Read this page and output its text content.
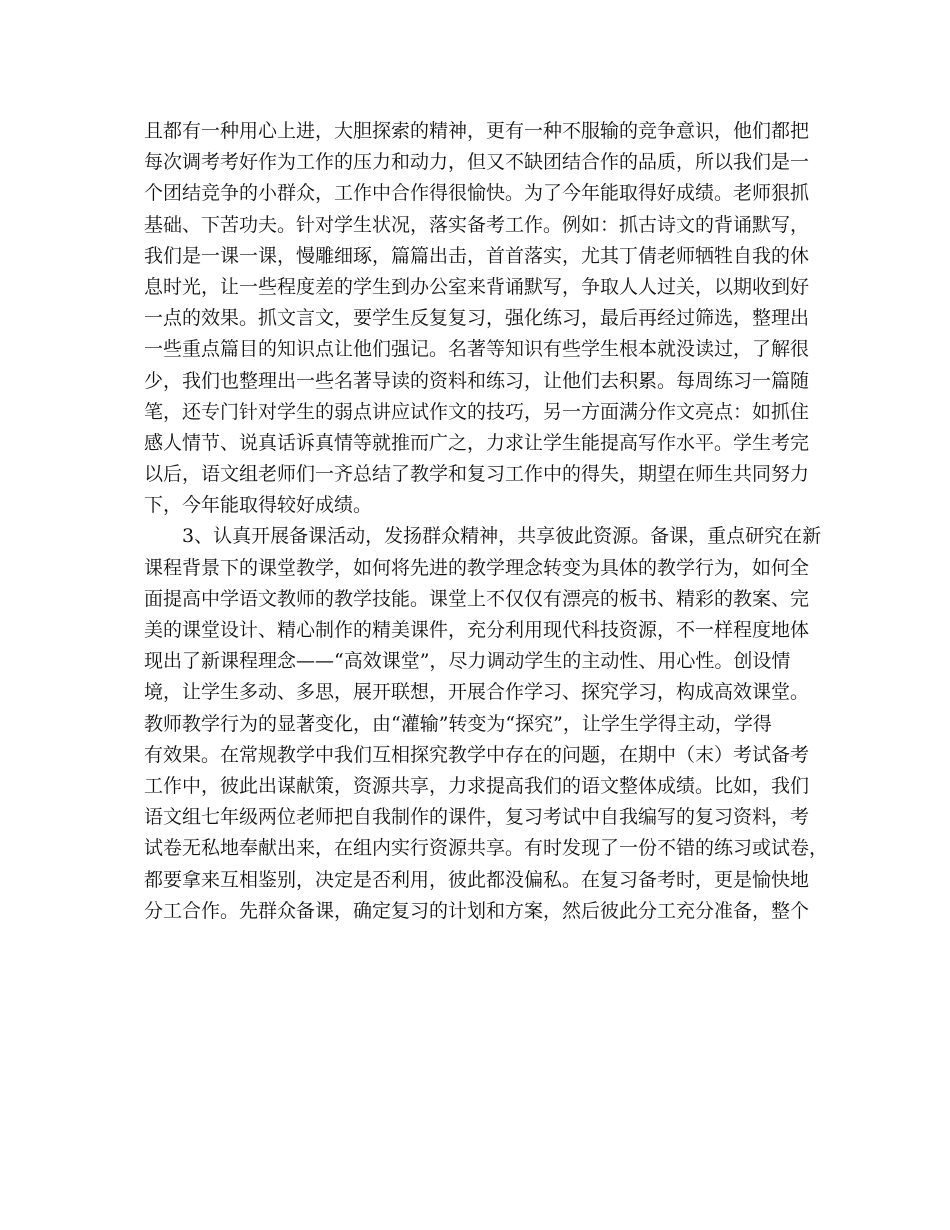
且都有一种用心上进，大胆探索的精神，更有一种不服输的竞争意识，他们都把
每次调考考好作为工作的压力和动力，但又不缺团结合作的品质，所以我们是一
个团结竞争的小群众，工作中合作得很愉快。为了今年能取得好成绩。老师狠抓
基础、下苦功夫。针对学生状况，落实备考工作。例如：抓古诗文的背诵默写，
我们是一课一课，慢雕细琢，篇篇出击，首首落实，尤其丁倩老师牺牲自我的休
息时光，让一些程度差的学生到办公室来背诵默写，争取人人过关，以期收到好
一点的效果。抓文言文，要学生反复复习，强化练习，最后再经过筛选，整理出
一些重点篇目的知识点让他们强记。名著等知识有些学生根本就没读过，了解很
少，我们也整理出一些名著导读的资料和练习，让他们去积累。每周练习一篇随
笔，还专门针对学生的弱点讲应试作文的技巧，另一方面满分作文亮点：如抓住
感人情节、说真话诉真情等就推而广之，力求让学生能提高写作水平。学生考完
以后，语文组老师们一齐总结了教学和复习工作中的得失，期望在师生共同努力
下，今年能取得较好成绩。
　　3、认真开展备课活动，发扬群众精神，共享彼此资源。备课，重点研究在新
课程背景下的课堂教学，如何将先进的教学理念转变为具体的教学行为，如何全
面提高中学语文教师的教学技能。课堂上不仅仅有漂亮的板书、精彩的教案、完
美的课堂设计、精心制作的精美课件，充分利用现代科技资源，不一样程度地体
现出了新课程理念——“高效课堂”，尽力调动学生的主动性、用心性。创设情
境，让学生多动、多思，展开联想，开展合作学习、探究学习，构成高效课堂。
教师教学行为的显著变化，由“灌输”转变为“探究”，让学生学得主动，学得
有效果。在常规教学中我们互相探究教学中存在的问题，在期中（末）考试备考
工作中，彼此出谋献策，资源共享，力求提高我们的语文整体成绩。比如，我们
语文组七年级两位老师把自我制作的课件，复习考试中自我编写的复习资料，考
试卷无私地奉献出来，在组内实行资源共享。有时发现了一份不错的练习或试卷，
都要拿来互相鉴别，决定是否利用，彼此都没偏私。在复习备考时，更是愉快地
分工合作。先群众备课，确定复习的计划和方案，然后彼此分工充分准备，整个
